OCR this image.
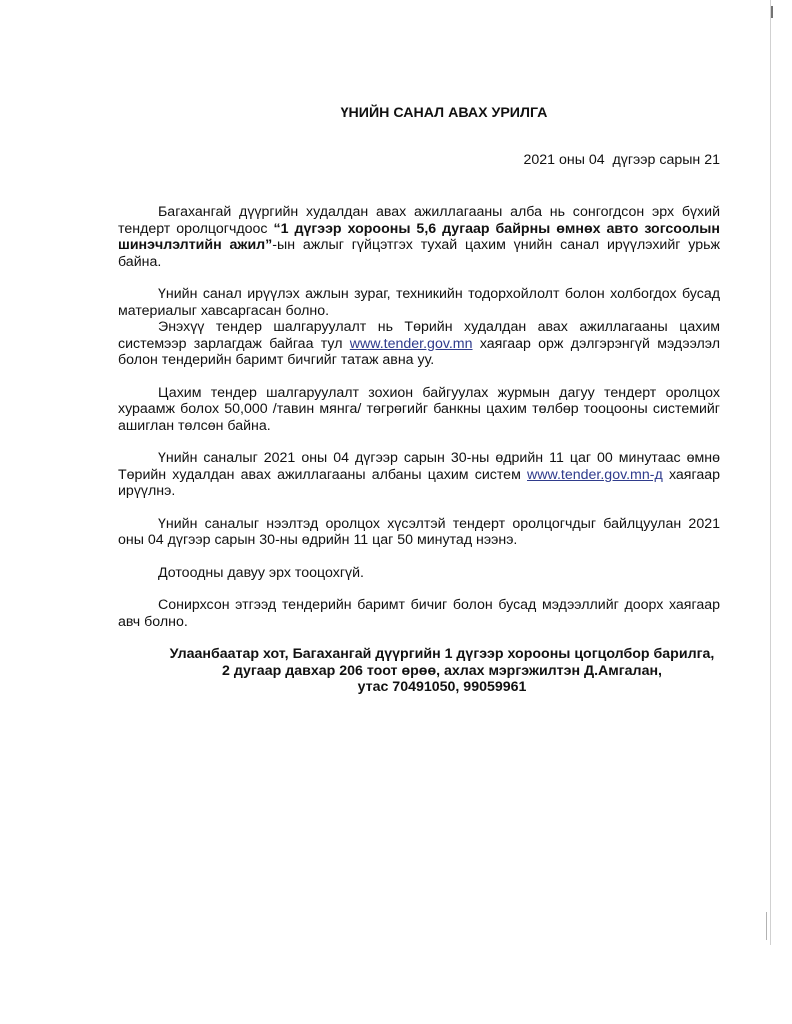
ҮНИЙН САНАЛ АВАХ УРИЛГА
2021 оны 04  дүгээр сарын 21

Багахангай дүүргийн худалдан авах ажиллагааны алба нь сонгогдсон эрх бүхий тендерт оролцогчдоос “1 дүгээр хорооны 5,6 дугаар байрны өмнөх авто зогсоолын шинэчлэлтийн ажил”-ын ажлыг гүйцэтгэх тухай цахим үнийн санал ирүүлэхийг урьж байна.

Үнийн санал ирүүлэх ажлын зураг, техникийн тодорхойлолт болон холбогдох бусад материалыг хавсаргасан болно.

Энэхүү тендер шалгаруулалт нь Төрийн худалдан авах ажиллагааны цахим системээр зарлагдаж байгаа тул www.tender.gov.mn хаягаар орж дэлгэрэнгүй мэдээлэл болон тендерийн баримт бичгийг татаж авна уу.

Цахим тендер шалгаруулалт зохион байгуулах журмын дагуу тендерт оролцох хураамж болох 50,000 /тавин мянга/ төгрөгийг банкны цахим төлбөр тооцооны системийг ашиглан төлсөн байна.

Үнийн саналыг 2021 оны 04 дүгээр сарын 30-ны өдрийн 11 цаг 00 минутаас өмнө Төрийн худалдан авах ажиллагааны албаны цахим систем www.tender.gov.mn-д хаягаар ирүүлнэ.

Үнийн саналыг нээлтэд оролцох хүсэлтэй тендерт оролцогчдыг байлцуулан 2021 оны 04 дүгээр сарын 30-ны өдрийн 11 цаг 50 минутад нээнэ.

Дотоодны давуу эрх тооцохгүй.

Сонирхсон этгээд тендерийн баримт бичиг болон бусад мэдээллийг доорх хаягаар авч болно.

Улаанбаатар хот, Багахангай дүүргийн 1 дүгээр хорооны цогцолбор барилга,
2 дугаар давхар 206 тоот өрөө, ахлах мэргэжилтэн Д.Амгалан,
утас 70491050, 99059961
